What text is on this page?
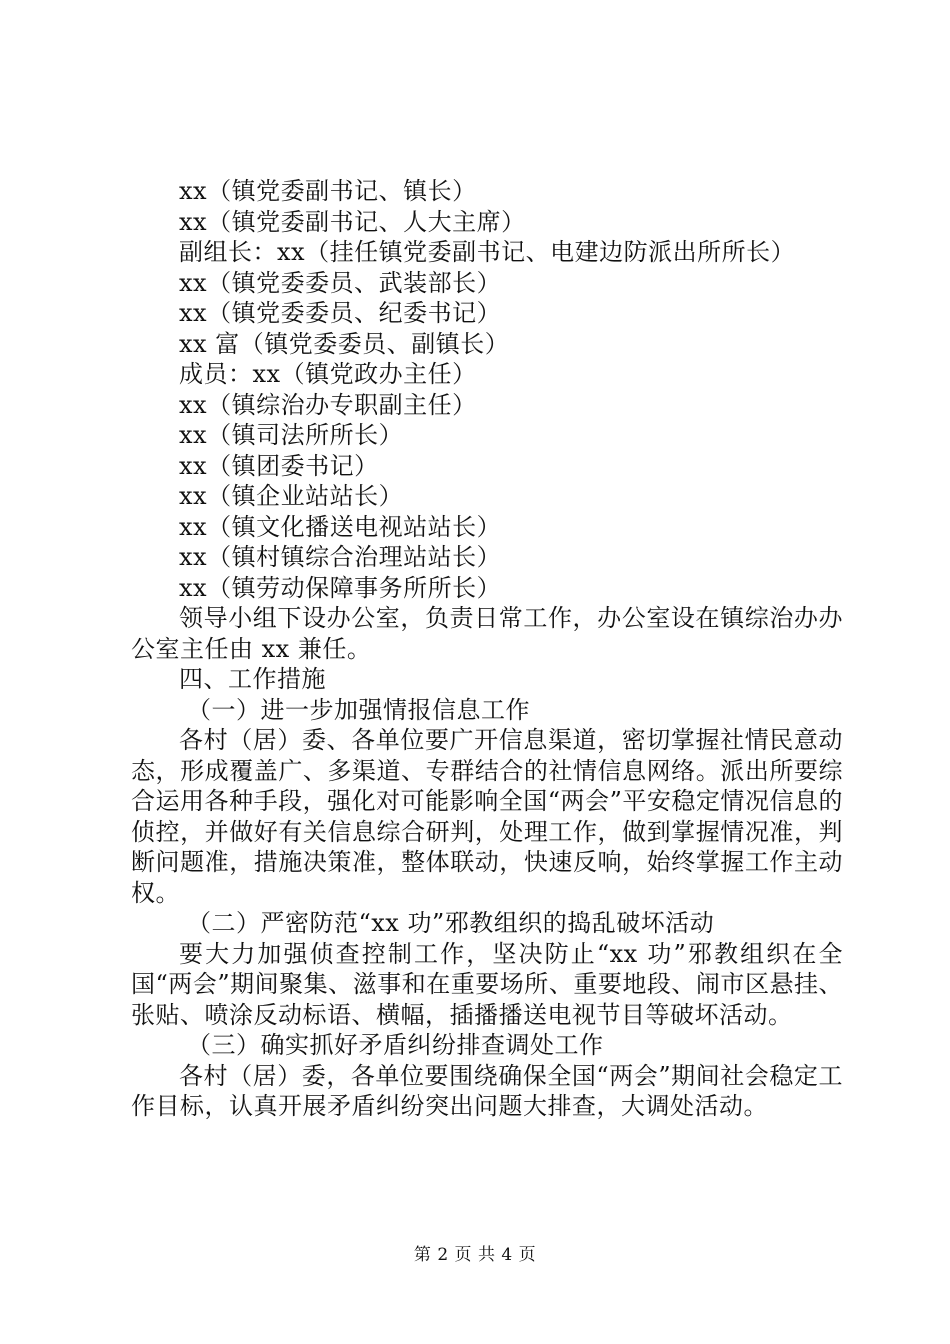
xx（镇党委副书记、镇长）
xx（镇党委副书记、人大主席）
副组长：xx（挂任镇党委副书记、电建边防派出所所长）
xx（镇党委委员、武装部长）
xx（镇党委委员、纪委书记）
xx 富（镇党委委员、副镇长）
成员：xx（镇党政办主任）
xx（镇综治办专职副主任）
xx（镇司法所所长）
xx（镇团委书记）
xx（镇企业站站长）
xx（镇文化播送电视站站长）
xx（镇村镇综合治理站站长）
xx（镇劳动保障事务所所长）

领导小组下设办公室，负责日常工作，办公室设在镇综治办办公室主任由 xx 兼任。

四、工作措施
（一）进一步加强情报信息工作

各村（居）委、各单位要广开信息渠道，密切掌握社情民意动态，形成覆盖广、多渠道、专群结合的社情信息网络。派出所要综合运用各种手段，强化对可能影响全国“两会”平安稳定情况信息的侦控，并做好有关信息综合研判，处理工作，做到掌握情况准，判断问题准，措施决策准，整体联动，快速反响，始终掌握工作主动权。

（二）严密防范“xx 功”邪教组织的捣乱破坏活动

要大力加强侦查控制工作，坚决防止“xx 功”邪教组织在全国“两会”期间聚集、滋事和在重要场所、重要地段、闹市区悬挂、张贴、喷涂反动标语、横幅，插播播送电视节目等破坏活动。

（三）确实抓好矛盾纠纷排查调处工作

各村（居）委，各单位要围绕确保全国“两会”期间社会稳定工作目标，认真开展矛盾纠纷突出问题大排查，大调处活动。

第 2 页 共 4 页
